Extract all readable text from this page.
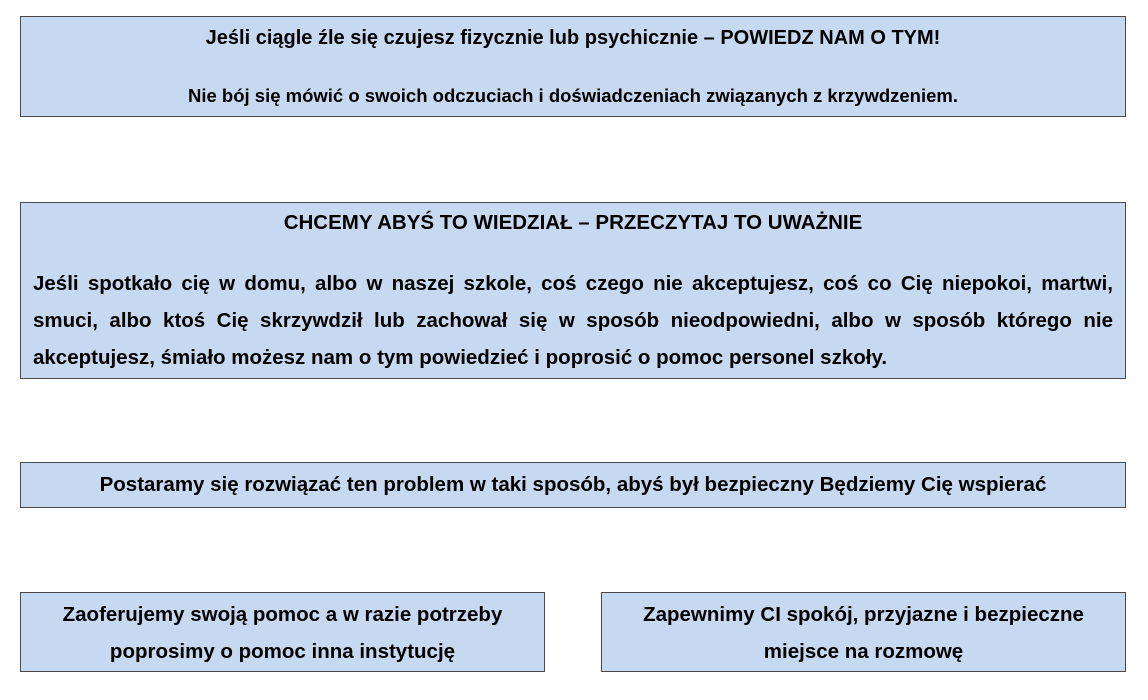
Jeśli ciągle źle się czujesz fizycznie lub psychicznie – POWIEDZ NAM O TYM!
Nie bój się mówić o swoich odczuciach i doświadczeniach związanych z krzywdzeniem.
CHCEMY ABYŚ TO WIEDZIAŁ – PRZECZYTAJ TO UWAŻNIE
Jeśli spotkało cię w domu, albo w naszej szkole, coś czego nie akceptujesz, coś co Cię niepokoi, martwi, smuci, albo ktoś Cię skrzywdził lub zachował się w sposób nieodpowiedni, albo w sposób którego nie akceptujesz, śmiało możesz nam o tym powiedzieć i poprosić o pomoc personel szkoły.
Postaramy się rozwiązać ten problem w taki sposób, abyś był bezpieczny Będziemy Cię wspierać
Zaoferujemy swoją pomoc a w razie potrzeby poprosimy o pomoc inna instytucję
Zapewnimy CI spokój, przyjazne i bezpieczne miejsce na rozmowę
